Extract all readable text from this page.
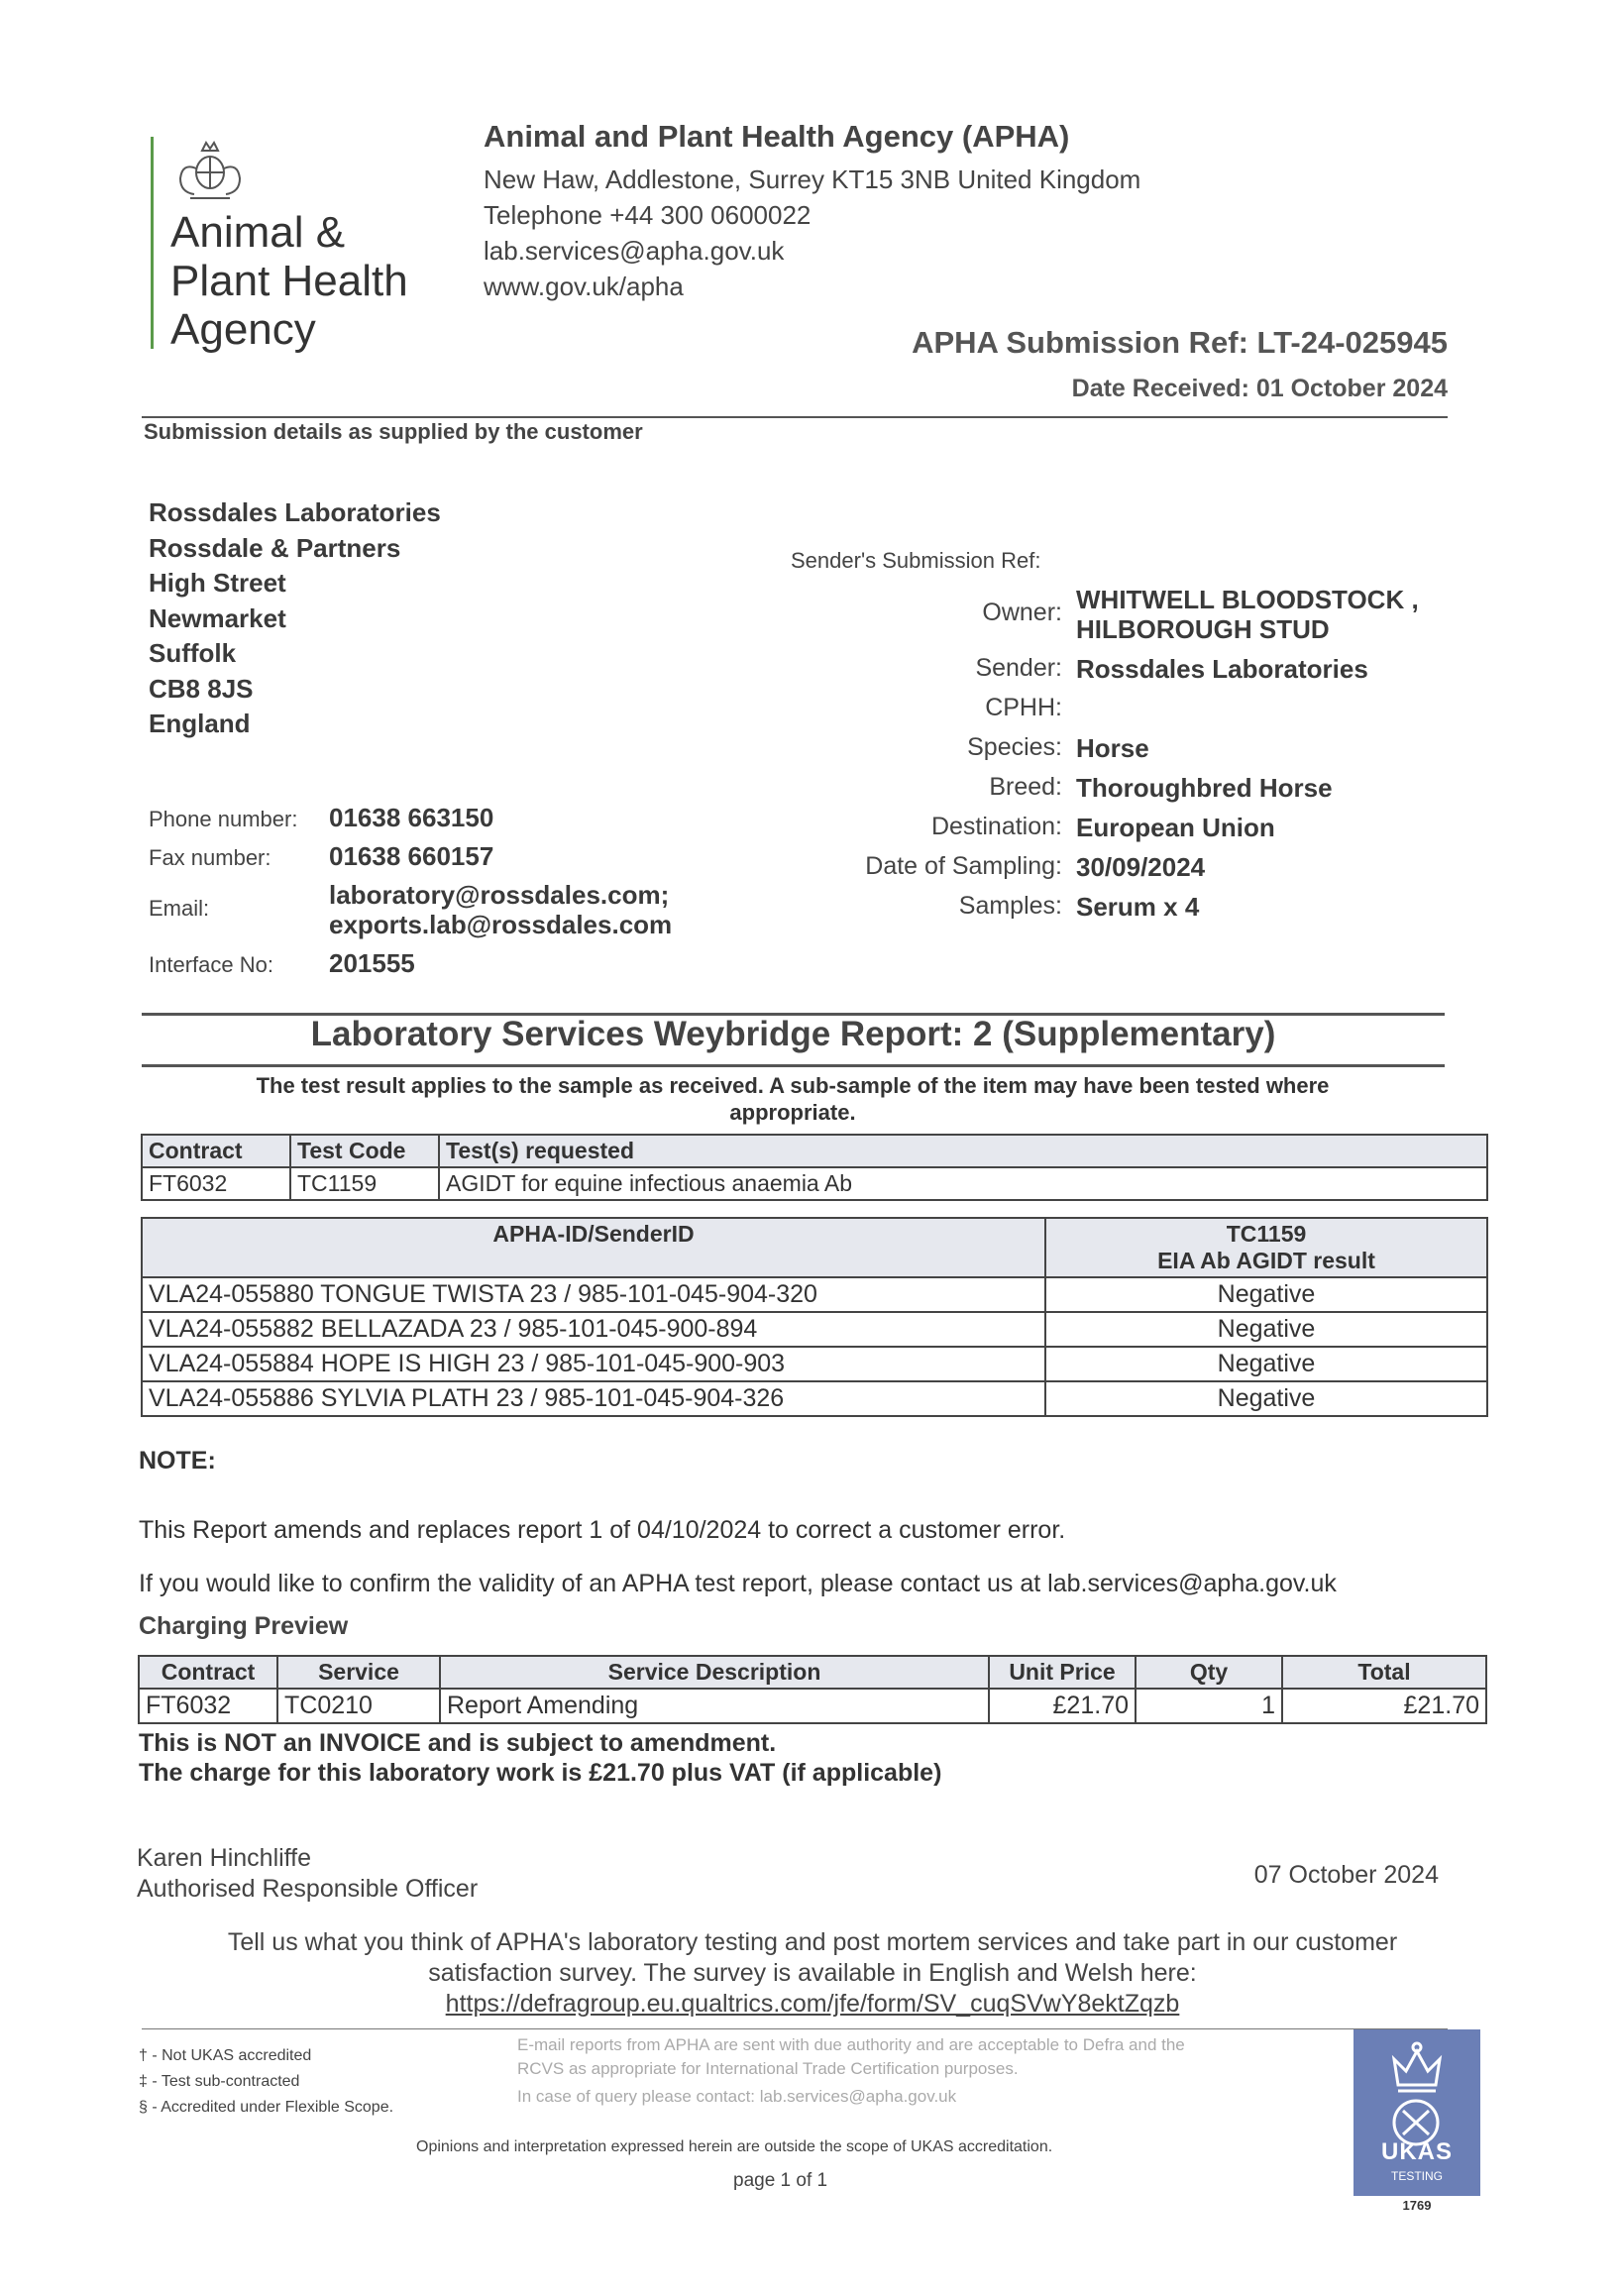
Animal &
Plant Health
Agency
Animal and Plant Health Agency (APHA)
New Haw, Addlestone, Surrey KT15 3NB United Kingdom
Telephone +44 300 0600022
lab.services@apha.gov.uk
www.gov.uk/apha
APHA Submission Ref: LT-24-025945
Date Received: 01 October 2024
Submission details as supplied by the customer
Rossdales Laboratories
Rossdale & Partners
High Street
Newmarket
Suffolk
CB8 8JS
England
Phone number:	01638 663150
Fax number:	01638 660157
Email:	laboratory@rossdales.com;
exports.lab@rossdales.com
Interface No:	201555
Sender's Submission Ref:
Owner: WHITWELL BLOODSTOCK ,
HILBOROUGH STUD
Sender: Rossdales Laboratories
CPHH:

Species: Horse
Breed: Thoroughbred Horse
Destination: European Union
Date of Sampling: 30/09/2024
Samples: Serum x 4
Laboratory Services Weybridge Report: 2 (Supplementary)
The test result applies to the sample as received. A sub-sample of the item may have been tested where appropriate.
Contract	Test Code	Test(s) requested
FT6032	TC1159	AGIDT for equine infectious anaemia Ab
APHA-ID/SenderID	TC1159
EIA Ab AGIDT result

VLA24-055880 TONGUE TWISTA 23 / 985-101-045-904-320	Negative
VLA24-055882 BELLAZADA 23 / 985-101-045-900-894	Negative
VLA24-055884 HOPE IS HIGH 23 / 985-101-045-900-903	Negative
VLA24-055886 SYLVIA PLATH 23 / 985-101-045-904-326	Negative
NOTE:
This Report amends and replaces report 1 of 04/10/2024 to correct a customer error.
If you would like to confirm the validity of an APHA test report, please contact us at lab.services@apha.gov.uk
Charging Preview
Contract	Service	Service Description	Unit Price	Qty	Total
FT6032	TC0210	Report Amending	£21.70	1	£21.70
This is NOT an INVOICE and is subject to amendment.
The charge for this laboratory work is £21.70 plus VAT (if applicable)
Karen Hinchliffe
Authorised Responsible Officer	07 October 2024
Tell us what you think of APHA's laboratory testing and post mortem services and take part in our customer
satisfaction survey. The survey is available in English and Welsh here:
https://defragroup.eu.qualtrics.com/jfe/form/SV_cuqSVwY8ektZqzb
† - Not UKAS accredited
‡ - Test sub-contracted
§ - Accredited under Flexible Scope.
E-mail reports from APHA are sent with due authority and are acceptable to Defra and the RCVS as appropriate for International Trade Certification purposes.
In case of query please contact: lab.services@apha.gov.uk
Opinions and interpretation expressed herein are outside the scope of UKAS accreditation.
page 1 of 1
UKAS
TESTING
1769
